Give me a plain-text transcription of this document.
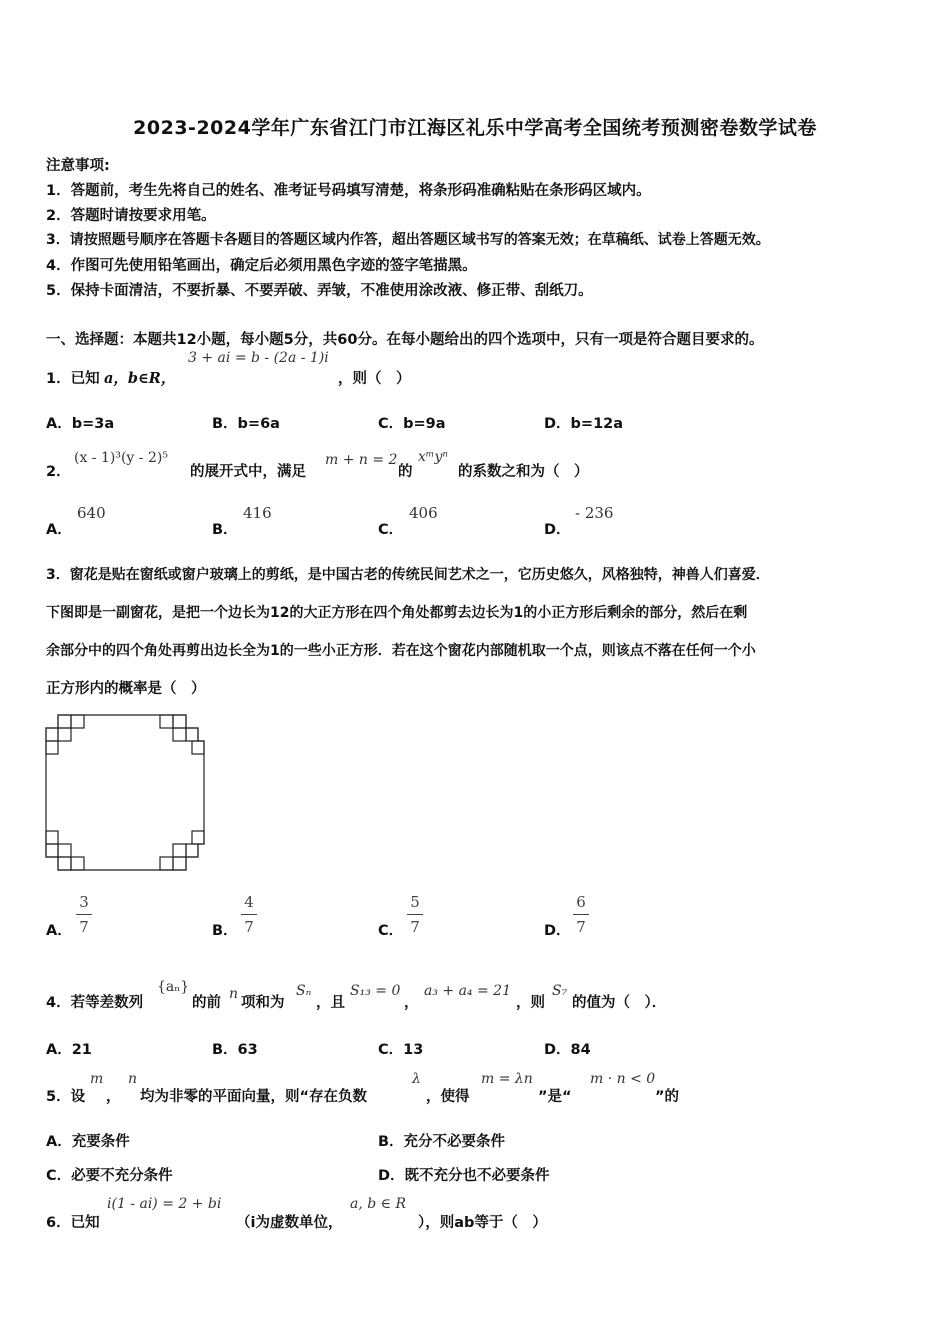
2023-2024学年广东省江门市江海区礼乐中学高考全国统考预测密卷数学试卷
注意事项:
1．答题前，考生先将自己的姓名、准考证号码填写清楚，将条形码准确粘贴在条形码区域内。
2．答题时请按要求用笔。
3．请按照题号顺序在答题卡各题目的答题区域内作答，超出答题区域书写的答案无效；在草稿纸、试卷上答题无效。
4．作图可先使用铅笔画出，确定后必须用黑色字迹的签字笔描黑。
5．保持卡面清洁，不要折暴、不要弄破、弄皱，不准使用涂改液、修正带、刮纸刀。
一、选择题：本题共12小题，每小题5分，共60分。在每小题给出的四个选项中，只有一项是符合题目要求的。
1．已知 a，b∈R，
3 + ai = b - (2a - 1)i
，则（　）
A．b=3a	B．b=6a	C．b=9a	D．b=12a
2．
(x - 1)³(y - 2)⁵
的展开式中，满足
m + n = 2
的
xᵐyⁿ
的系数之和为（　）
A．
640
B．
416
C．
406
D．
- 236
3．窗花是贴在窗纸或窗户玻璃上的剪纸，是中国古老的传统民间艺术之一，它历史悠久，风格独特，神兽人们喜爱．
下图即是一副窗花，是把一个边长为12的大正方形在四个角处都剪去边长为1的小正方形后剩余的部分，然后在剩
余部分中的四个角处再剪出边长全为1的一些小正方形．若在这个窗花内部随机取一个点，则该点不落在任何一个小
正方形内的概率是（　）
A．
3
7	B．
4
7	C．
5
7	D．
6
7
4．若等差数列
{aₙ}
的前
n
项和为
Sₙ
，且
S₁₃ = 0
，
a₃ + a₄ = 21
，则
S₇
的值为（　）．
A．21	B．63	C．13	D．84
5．设
m
，
n
均为非零的平面向量，则“存在负数
λ
，使得
m = λn
”是“
m · n < 0
”的
A．充要条件	B．充分不必要条件
C．必要不充分条件	D．既不充分也不必要条件
6．已知
i(1 - ai) = 2 + bi
（i为虚数单位，
a, b ∈ R
），则ab等于（　）
